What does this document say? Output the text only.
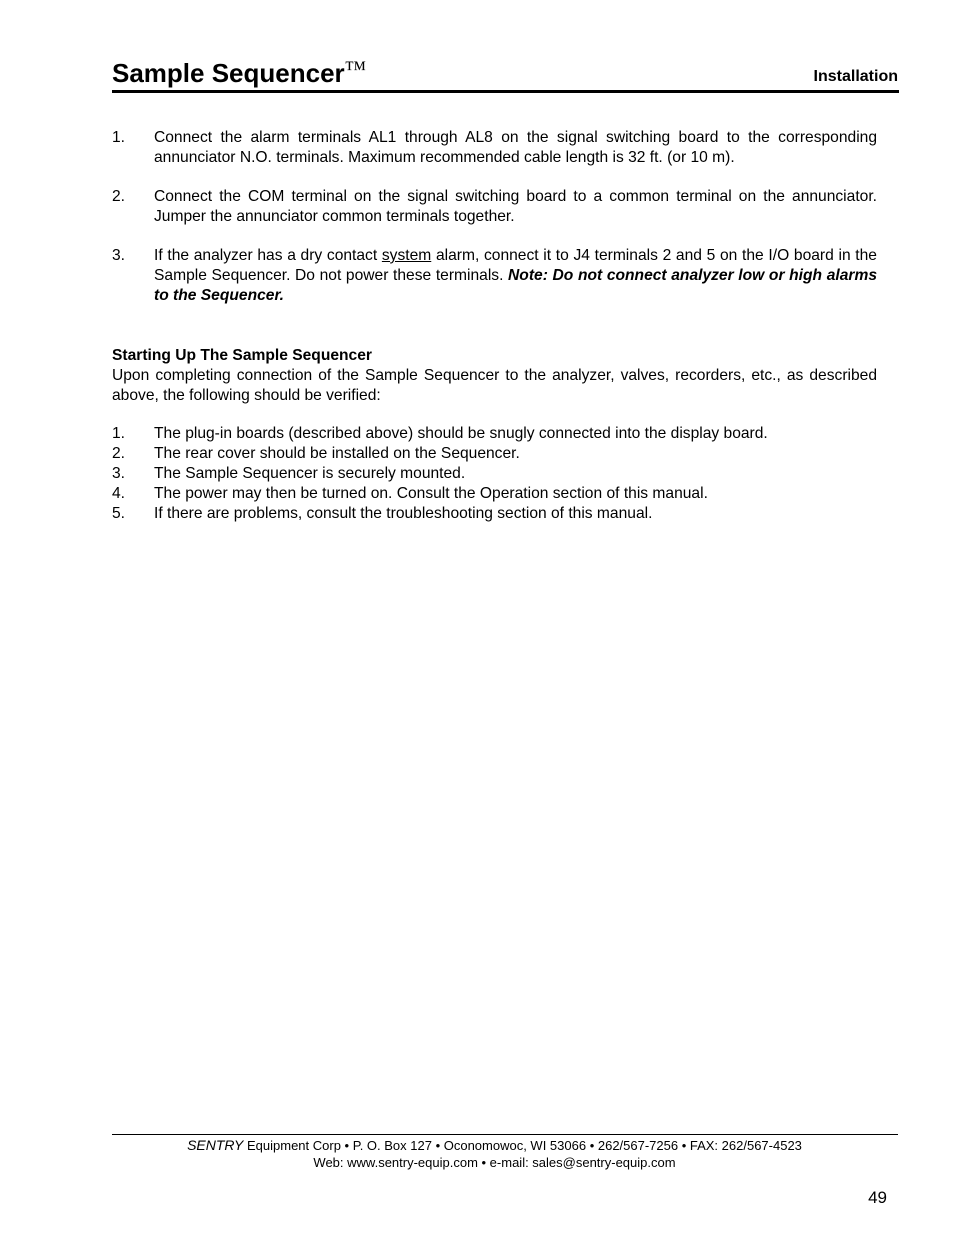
Sample Sequencer™	Installation
1. Connect the alarm terminals AL1 through AL8 on the signal switching board to the corresponding annunciator N.O. terminals. Maximum recommended cable length is 32 ft. (or 10 m).
2. Connect the COM terminal on the signal switching board to a common terminal on the annunciator. Jumper the annunciator common terminals together.
3. If the analyzer has a dry contact system alarm, connect it to J4 terminals 2 and 5 on the I/O board in the Sample Sequencer. Do not power these terminals. Note: Do not connect analyzer low or high alarms to the Sequencer.
Starting Up The Sample Sequencer
Upon completing connection of the Sample Sequencer to the analyzer, valves, recorders, etc., as described above, the following should be verified:
1. The plug-in boards (described above) should be snugly connected into the display board.
2. The rear cover should be installed on the Sequencer.
3. The Sample Sequencer is securely mounted.
4. The power may then be turned on. Consult the Operation section of this manual.
5. If there are problems, consult the troubleshooting section of this manual.
SENTRY Equipment Corp • P. O. Box 127 • Oconomowoc, WI 53066 • 262/567-7256 • FAX: 262/567-4523
Web: www.sentry-equip.com • e-mail: sales@sentry-equip.com
49
